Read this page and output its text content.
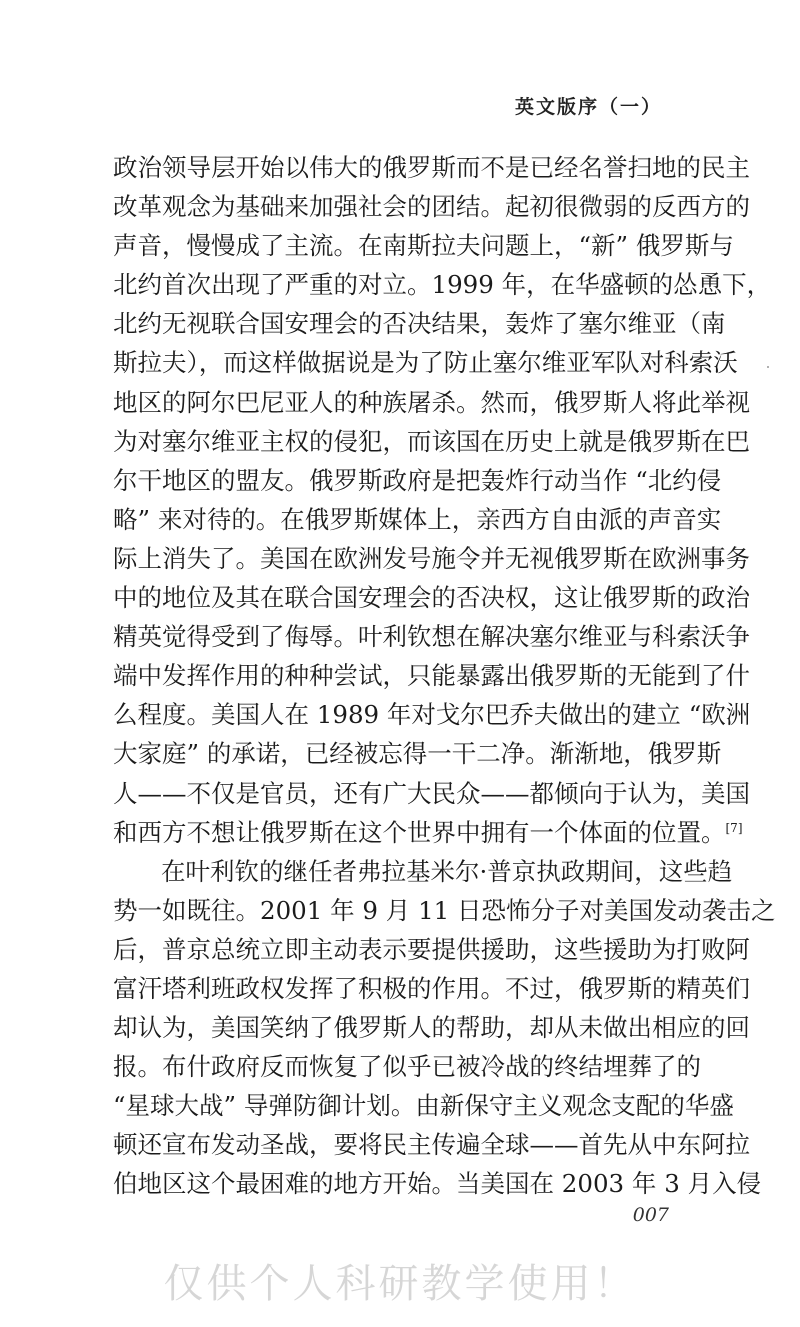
英文版序（一）
政治领导层开始以伟大的俄罗斯而不是已经名誉扫地的民主
改革观念为基础来加强社会的团结。起初很微弱的反西方的
声音，慢慢成了主流。在南斯拉夫问题上，“新” 俄罗斯与
北约首次出现了严重的对立。1999 年，在华盛顿的怂恿下，
北约无视联合国安理会的否决结果，轰炸了塞尔维亚（南
斯拉夫），而这样做据说是为了防止塞尔维亚军队对科索沃
地区的阿尔巴尼亚人的种族屠杀。然而，俄罗斯人将此举视
为对塞尔维亚主权的侵犯，而该国在历史上就是俄罗斯在巴
尔干地区的盟友。俄罗斯政府是把轰炸行动当作 “北约侵
略” 来对待的。在俄罗斯媒体上，亲西方自由派的声音实
际上消失了。美国在欧洲发号施令并无视俄罗斯在欧洲事务
中的地位及其在联合国安理会的否决权，这让俄罗斯的政治
精英觉得受到了侮辱。叶利钦想在解决塞尔维亚与科索沃争
端中发挥作用的种种尝试，只能暴露出俄罗斯的无能到了什
么程度。美国人在 1989 年对戈尔巴乔夫做出的建立 “欧洲
大家庭” 的承诺，已经被忘得一干二净。渐渐地，俄罗斯
人——不仅是官员，还有广大民众——都倾向于认为，美国
和西方不想让俄罗斯在这个世界中拥有一个体面的位置。[7]
在叶利钦的继任者弗拉基米尔·普京执政期间，这些趋
势一如既往。2001 年 9 月 11 日恐怖分子对美国发动袭击之
后，普京总统立即主动表示要提供援助，这些援助为打败阿
富汗塔利班政权发挥了积极的作用。不过，俄罗斯的精英们
却认为，美国笑纳了俄罗斯人的帮助，却从未做出相应的回
报。布什政府反而恢复了似乎已被冷战的终结埋葬了的
“星球大战” 导弹防御计划。由新保守主义观念支配的华盛
顿还宣布发动圣战，要将民主传遍全球——首先从中东阿拉
伯地区这个最困难的地方开始。当美国在 2003 年 3 月入侵
007
仅供个人科研教学使用！
